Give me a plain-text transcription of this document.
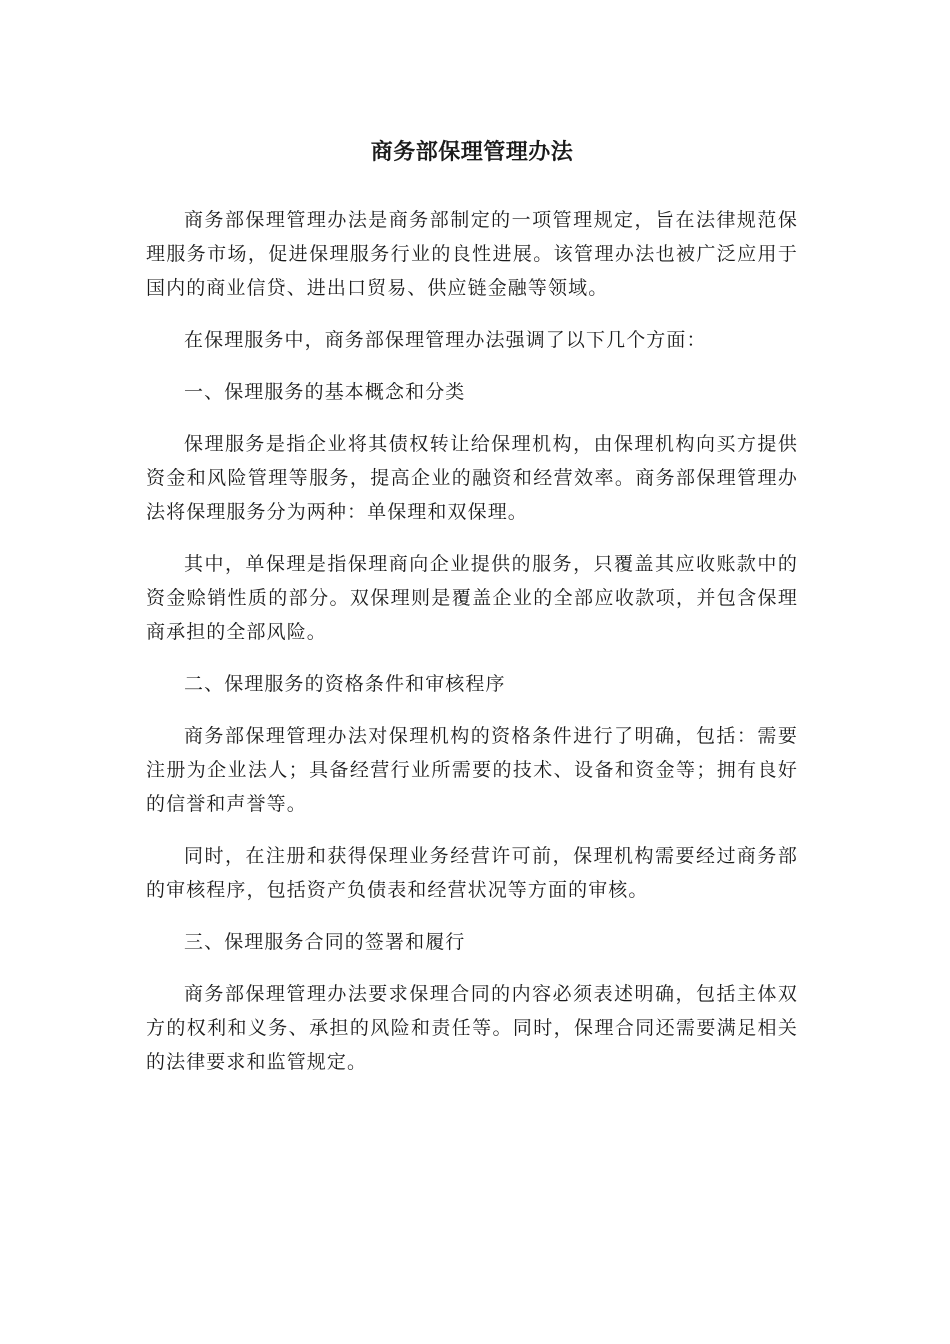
商务部保理管理办法

商务部保理管理办法是商务部制定的一项管理规定，旨在法律规范保理服务市场，促进保理服务行业的良性进展。该管理办法也被广泛应用于国内的商业信贷、进出口贸易、供应链金融等领域。

在保理服务中，商务部保理管理办法强调了以下几个方面：

一、保理服务的基本概念和分类

保理服务是指企业将其债权转让给保理机构，由保理机构向买方提供资金和风险管理等服务，提高企业的融资和经营效率。商务部保理管理办法将保理服务分为两种：单保理和双保理。

其中，单保理是指保理商向企业提供的服务，只覆盖其应收账款中的资金赊销性质的部分。双保理则是覆盖企业的全部应收款项，并包含保理商承担的全部风险。

二、保理服务的资格条件和审核程序

商务部保理管理办法对保理机构的资格条件进行了明确，包括：需要注册为企业法人；具备经营行业所需要的技术、设备和资金等；拥有良好的信誉和声誉等。

同时，在注册和获得保理业务经营许可前，保理机构需要经过商务部的审核程序，包括资产负债表和经营状况等方面的审核。

三、保理服务合同的签署和履行

商务部保理管理办法要求保理合同的内容必须表述明确，包括主体双方的权利和义务、承担的风险和责任等。同时，保理合同还需要满足相关的法律要求和监管规定。
